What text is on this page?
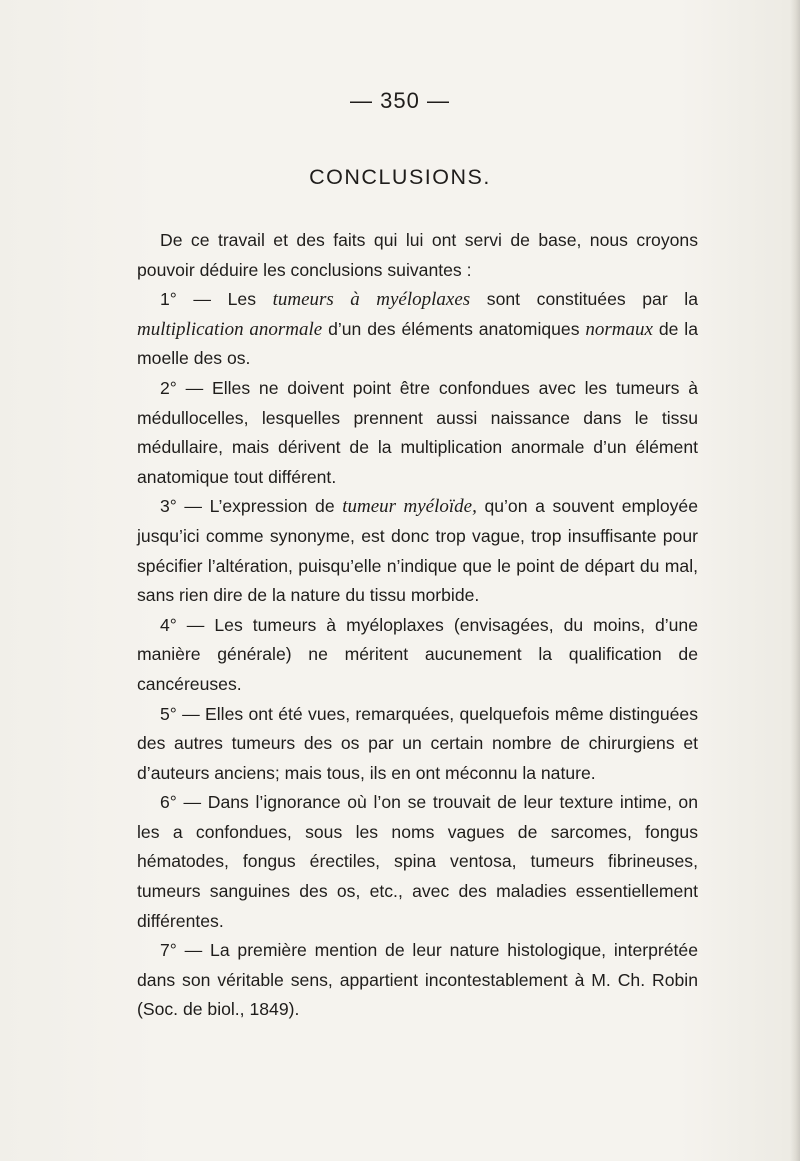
— 350 —
CONCLUSIONS.

De ce travail et des faits qui lui ont servi de base, nous croyons pouvoir déduire les conclusions suivantes :

1° — Les tumeurs à myéloplaxes sont constituées par la multiplication anormale d’un des éléments anatomiques normaux de la moelle des os.

2° — Elles ne doivent point être confondues avec les tumeurs à médullocelles, lesquelles prennent aussi naissance dans le tissu médullaire, mais dérivent de la multiplication anormale d’un élément anatomique tout différent.

3° — L’expression de tumeur myéloïde, qu’on a souvent employée jusqu’ici comme synonyme, est donc trop vague, trop insuffisante pour spécifier l’altération, puisqu’elle n’indique que le point de départ du mal, sans rien dire de la nature du tissu morbide.

4° — Les tumeurs à myéloplaxes (envisagées, du moins, d’une manière générale) ne méritent aucunement la qualification de cancéreuses.

5° — Elles ont été vues, remarquées, quelquefois même distinguées des autres tumeurs des os par un certain nombre de chirurgiens et d’auteurs anciens; mais tous, ils en ont méconnu la nature.

6° — Dans l’ignorance où l’on se trouvait de leur texture intime, on les a confondues, sous les noms vagues de sarcomes, fongus hématodes, fongus érectiles, spina ventosa, tumeurs fibrineuses, tumeurs sanguines des os, etc., avec des maladies essentiellement différentes.

7° — La première mention de leur nature histologique, interprétée dans son véritable sens, appartient incontestablement à M. Ch. Robin (Soc. de biol., 1849).
